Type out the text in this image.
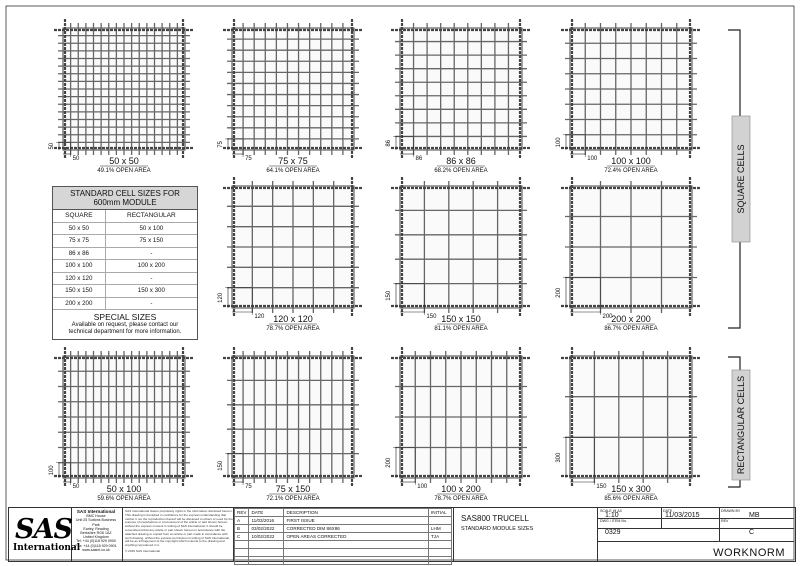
50
50
50 x 50
49.1% OPEN AREA
75
75
75 x 75
64.1% OPEN AREA
86
86
86 x 86
68.2% OPEN AREA
100
100
100 x 100
72.4% OPEN AREA
120
120
120 x 120
78.7% OPEN AREA
150
150
150 x 150
81.1% OPEN AREA
200
200
200 x 200
86.7% OPEN AREA
50
100
50 x 100
59.6% OPEN AREA
75
150
75 x 150
72.1% OPEN AREA
100
200
100 x 200
78.7% OPEN AREA
150
300
150 x 300
85.6% OPEN AREA
SQUARE CELLS
RECTANGULAR CELLS
STANDARD CELL SIZES FOR
600mm MODULE
SQUARE	RECTANGULAR
50 x 50	50 x 100
75 x 75	75 x 150
86 x 86	-
100 x 100	100 x 200
120 x 120	-
150 x 150	150 x 300
200 x 200	-
SPECIAL SIZES
Available on request, please contact our
technical department for more information.
SAS
International
SAS International
BMC House
Unit 25 Suttons Business Park
Earley, Reading
Berkshire RG6 1AZ
United Kingdom
Tel: +44 (0)118 929 0900
Fax: +44 (0)118 929 0901
www.sasint.co.uk
SAS International claims proprietary rights in the information disclosed hereon. This drawing is furnished in confidence for the express understanding that neither it nor the reproduction thereof will be disclosed to others or used for the purpose of manufacture or procurement of the article or part shown hereon without the express consent in writing of SAS International. It should be remembered that any article or part shown hereon in accordance with the attached drawing or copied from an article or part made in accordance with such drawing, without the express permission in writing of SAS International, will be an infringement of the copyright which extends to the drawing and anything reproduced in it.
© 2015 SAS International
REV	DATE	DESCRIPTION	INITIAL
A	11/03/2016	FIRST ISSUE	
B	03/02/2022	CORRECTED DIM 86X86	LHM
C	10/02/2022	OPEN AREAS CORRECTED	TJA

SAS800 TRUCELL
STANDARD MODULE SIZES
SCALE @ A3
1:10
DATE
11/03/2015
DRAWN BY
MB
DWG / ITEM No.
0329
REV
C
WORKNORM
